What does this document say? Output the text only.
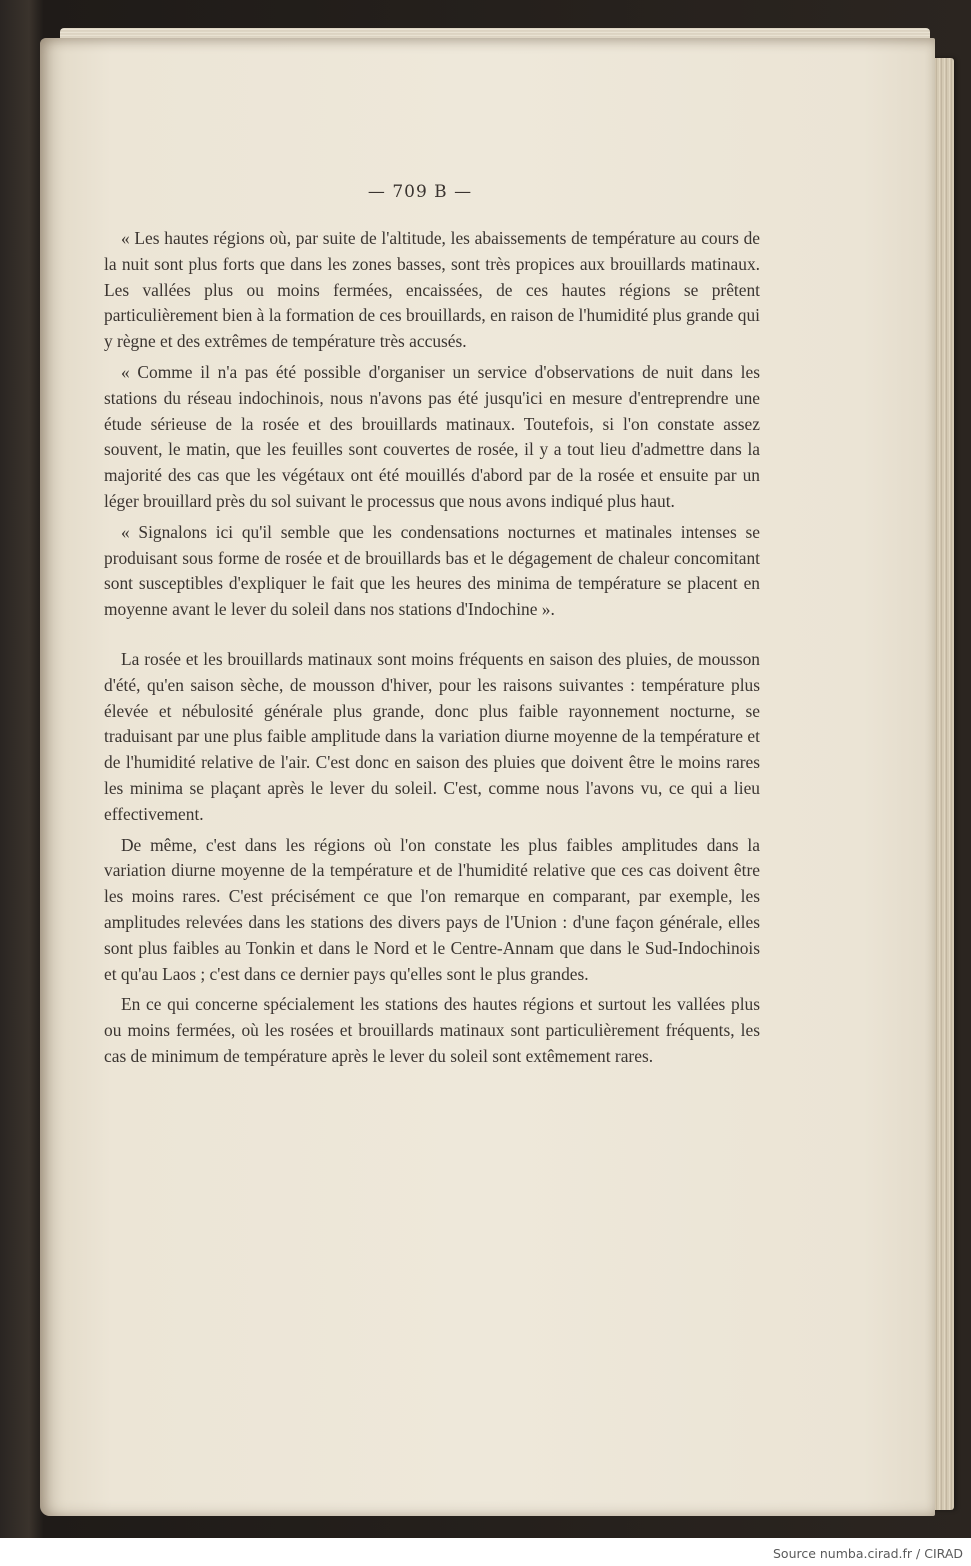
— 709 B —

« Les hautes régions où, par suite de l'altitude, les abaissements de température au cours de la nuit sont plus forts que dans les zones basses, sont très propices aux brouillards matinaux. Les vallées plus ou moins fermées, encaissées, de ces hautes régions se prêtent particulièrement bien à la formation de ces brouillards, en raison de l'humidité plus grande qui y règne et des extrêmes de température très accusés.

« Comme il n'a pas été possible d'organiser un service d'observations de nuit dans les stations du réseau indochinois, nous n'avons pas été jusqu'ici en mesure d'entreprendre une étude sérieuse de la rosée et des brouillards matinaux. Toutefois, si l'on constate assez souvent, le matin, que les feuilles sont couvertes de rosée, il y a tout lieu d'admettre dans la majorité des cas que les végétaux ont été mouillés d'abord par de la rosée et ensuite par un léger brouillard près du sol suivant le processus que nous avons indiqué plus haut.

« Signalons ici qu'il semble que les condensations nocturnes et matinales intenses se produisant sous forme de rosée et de brouillards bas et le dégagement de chaleur concomitant sont susceptibles d'expliquer le fait que les heures des minima de température se placent en moyenne avant le lever du soleil dans nos stations d'Indochine ».

La rosée et les brouillards matinaux sont moins fréquents en saison des pluies, de mousson d'été, qu'en saison sèche, de mousson d'hiver, pour les raisons suivantes : température plus élevée et nébulosité générale plus grande, donc plus faible rayonnement nocturne, se traduisant par une plus faible amplitude dans la variation diurne moyenne de la température et de l'humidité relative de l'air. C'est donc en saison des pluies que doivent être le moins rares les minima se plaçant après le lever du soleil. C'est, comme nous l'avons vu, ce qui a lieu effectivement.

De même, c'est dans les régions où l'on constate les plus faibles amplitudes dans la variation diurne moyenne de la température et de l'humidité relative que ces cas doivent être les moins rares. C'est précisément ce que l'on remarque en comparant, par exemple, les amplitudes relevées dans les stations des divers pays de l'Union : d'une façon générale, elles sont plus faibles au Tonkin et dans le Nord et le Centre-Annam que dans le Sud-Indochinois et qu'au Laos ; c'est dans ce dernier pays qu'elles sont le plus grandes.

En ce qui concerne spécialement les stations des hautes régions et surtout les vallées plus ou moins fermées, où les rosées et brouillards matinaux sont particulièrement fréquents, les cas de minimum de température après le lever du soleil sont extêmement rares.

Source numba.cirad.fr / CIRAD
